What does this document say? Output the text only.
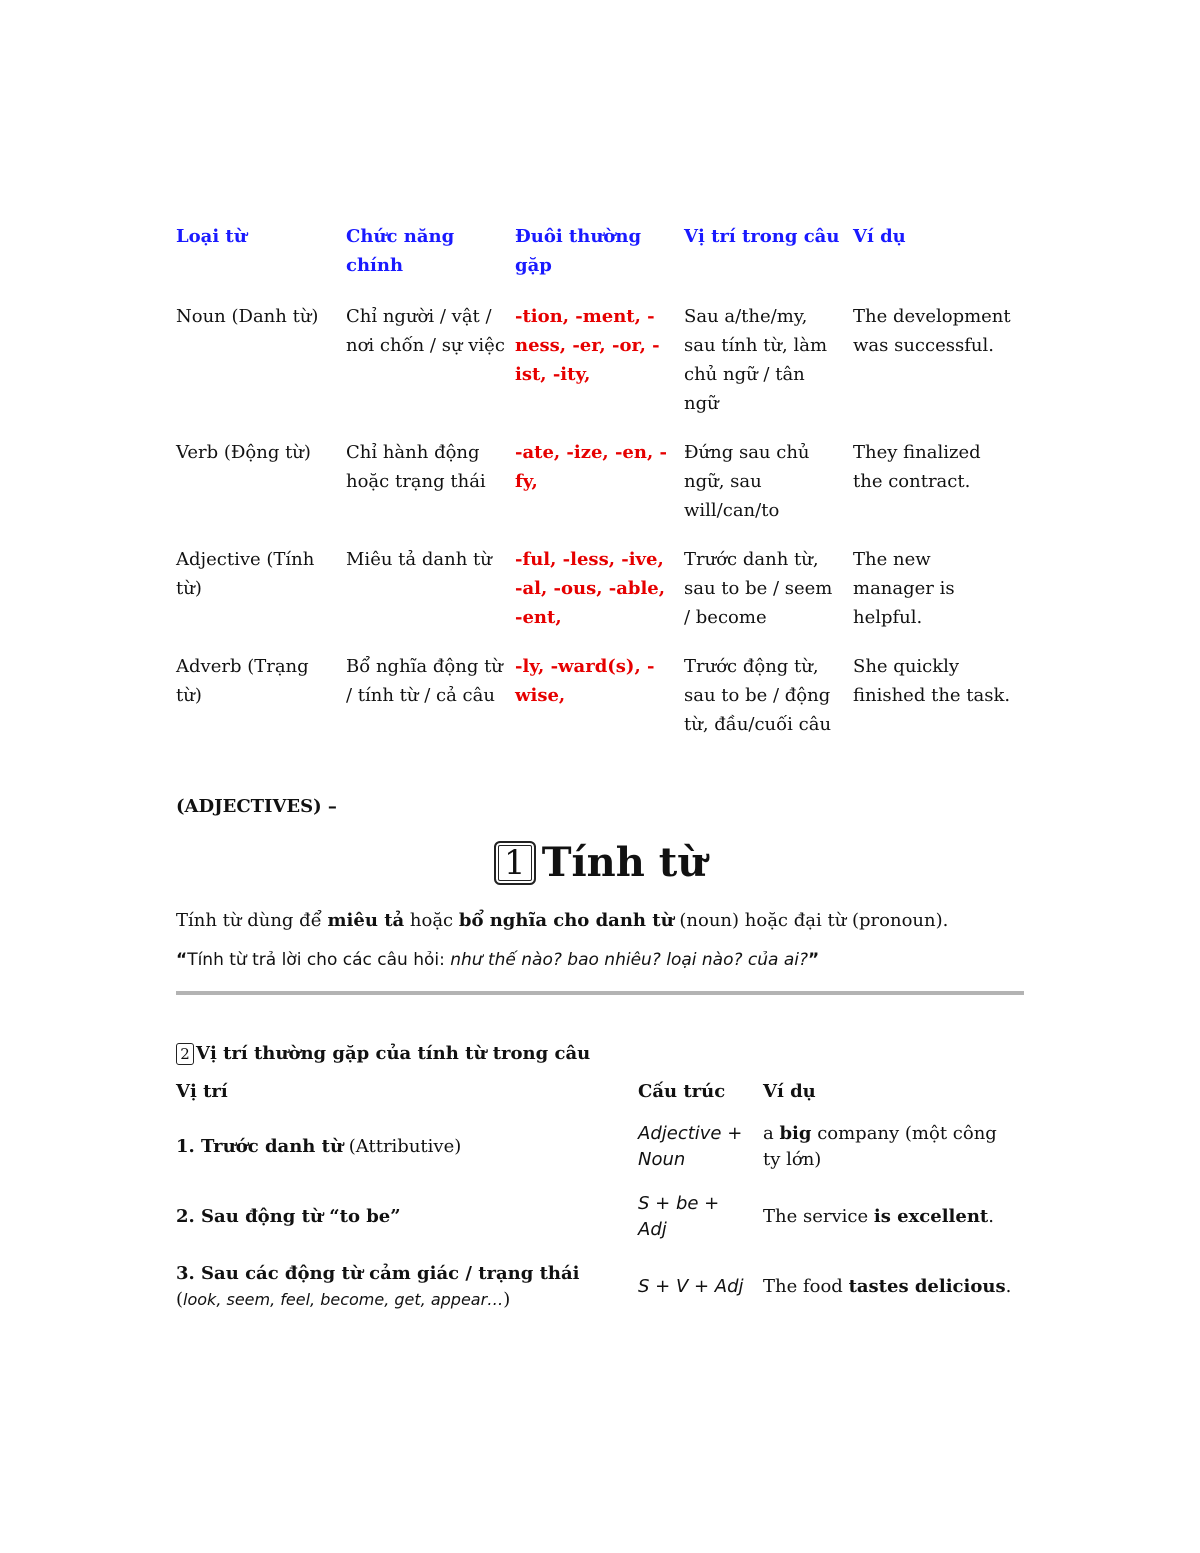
Loại từ	Chức năng chính	Đuôi thường gặp	Vị trí trong câu	Ví dụ
Noun (Danh từ)	Chỉ người / vật / nơi chốn / sự việc	-tion, -ment, -ness, -er, -or, -ist, -ity,	Sau a/the/my, sau tính từ, làm chủ ngữ / tân ngữ	The development was successful.
Verb (Động từ)	Chỉ hành động hoặc trạng thái	-ate, -ize, -en, -fy,	Đứng sau chủ ngữ, sau will/can/to	They finalized the contract.
Adjective (Tính từ)	Miêu tả danh từ	-ful, -less, -ive, -al, -ous, -able, -ent,	Trước danh từ, sau to be / seem / become	The new manager is helpful.
Adverb (Trạng từ)	Bổ nghĩa động từ / tính từ / cả câu	-ly, -ward(s), -wise,	Trước động từ, sau to be / động từ, đầu/cuối câu	She quickly finished the task.
(ADJECTIVES) –
1 Tính từ
Tính từ dùng để miêu tả hoặc bổ nghĩa cho danh từ (noun) hoặc đại từ (pronoun).
“Tính từ trả lời cho các câu hỏi: như thế nào? bao nhiêu? loại nào? của ai?”
2 Vị trí thường gặp của tính từ trong câu
Vị trí	Cấu trúc	Ví dụ
1. Trước danh từ (Attributive)	Adjective + Noun	a big company (một công ty lớn)
2. Sau động từ “to be”	S + be + Adj	The service is excellent.
3. Sau các động từ cảm giác / trạng thái (look, seem, feel, become, get, appear…)	S + V + Adj	The food tastes delicious.
